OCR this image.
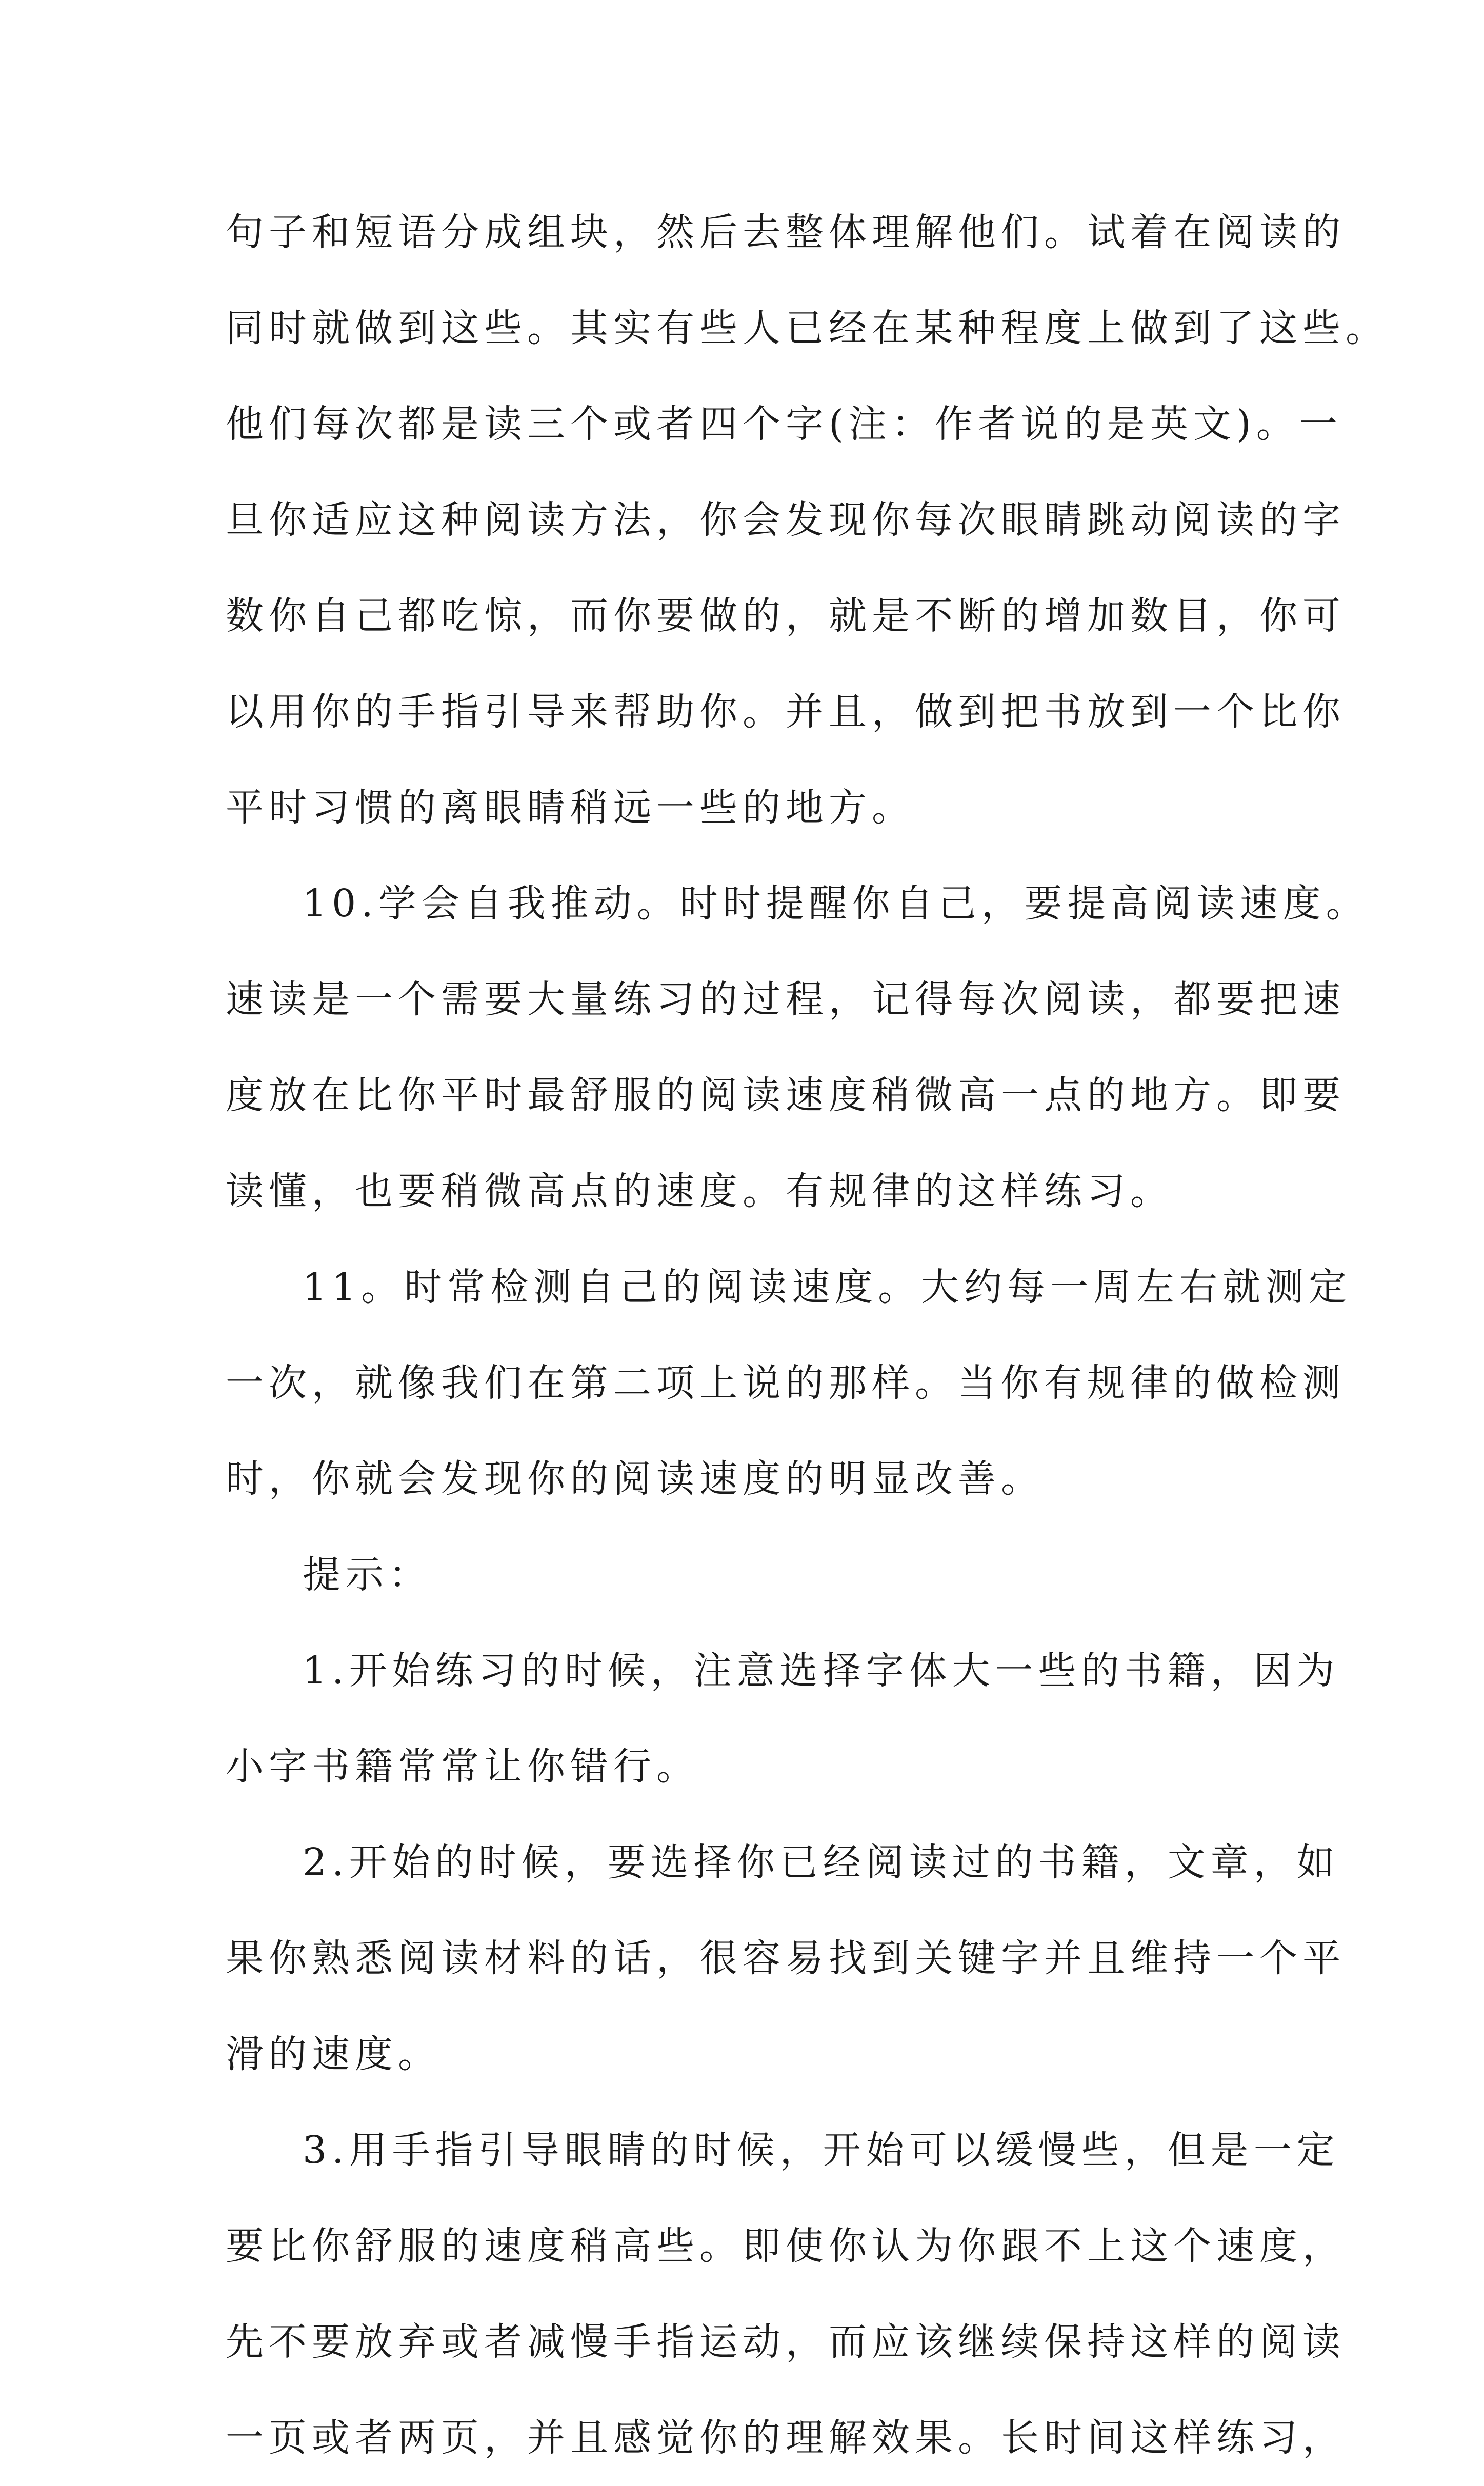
句子和短语分成组块，然后去整体理解他们。试着在阅读的
同时就做到这些。其实有些人已经在某种程度上做到了这些。
他们每次都是读三个或者四个字(注：作者说的是英文)。一
旦你适应这种阅读方法，你会发现你每次眼睛跳动阅读的字
数你自己都吃惊，而你要做的，就是不断的增加数目，你可
以用你的手指引导来帮助你。并且，做到把书放到一个比你
平时习惯的离眼睛稍远一些的地方。
10.学会自我推动。时时提醒你自己，要提高阅读速度。
速读是一个需要大量练习的过程，记得每次阅读，都要把速
度放在比你平时最舒服的阅读速度稍微高一点的地方。即要
读懂，也要稍微高点的速度。有规律的这样练习。
11。时常检测自己的阅读速度。大约每一周左右就测定
一次，就像我们在第二项上说的那样。当你有规律的做检测
时，你就会发现你的阅读速度的明显改善。
提示：
1.开始练习的时候，注意选择字体大一些的书籍，因为
小字书籍常常让你错行。
2.开始的时候，要选择你已经阅读过的书籍，文章，如
果你熟悉阅读材料的话，很容易找到关键字并且维持一个平
滑的速度。
3.用手指引导眼睛的时候，开始可以缓慢些，但是一定
要比你舒服的速度稍高些。即使你认为你跟不上这个速度，
先不要放弃或者减慢手指运动，而应该继续保持这样的阅读
一页或者两页，并且感觉你的理解效果。长时间这样练习，
